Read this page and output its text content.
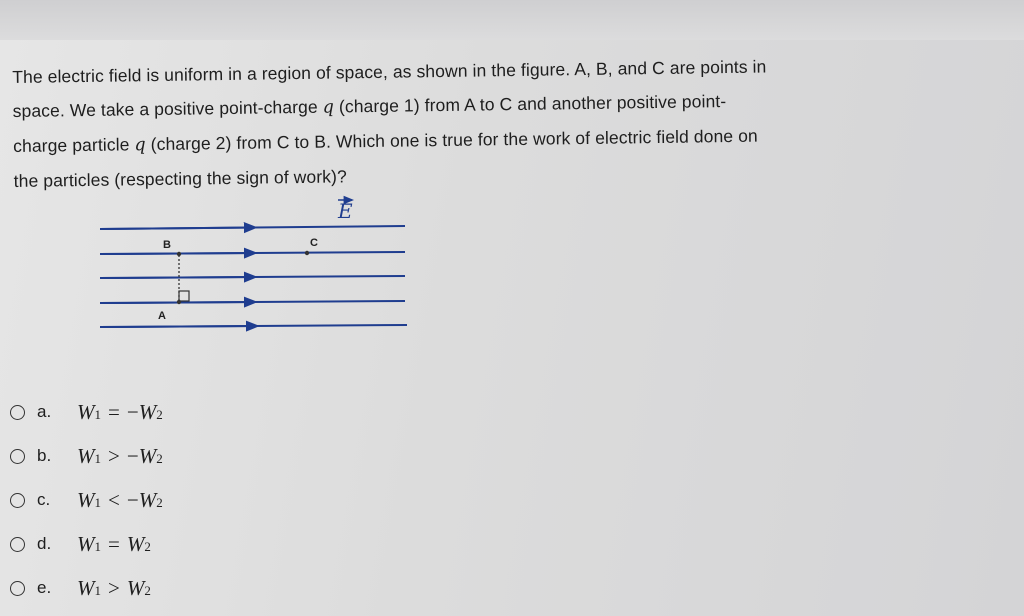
The electric field is uniform in a region of space, as shown in the figure. A, B, and C are points in

space. We take a positive point-charge q (charge 1) from A to C and another positive point-

charge particle q (charge 2) from C to B. Which one is true for the work of electric field done on

the particles (respecting the sign of work)?

E
B	C
A
a.	W 1 = − W 2
b.	W 1 > − W 2
c.	W 1 < − W 2
d.	W 1 = W 2
e.	W 1 > W 2
